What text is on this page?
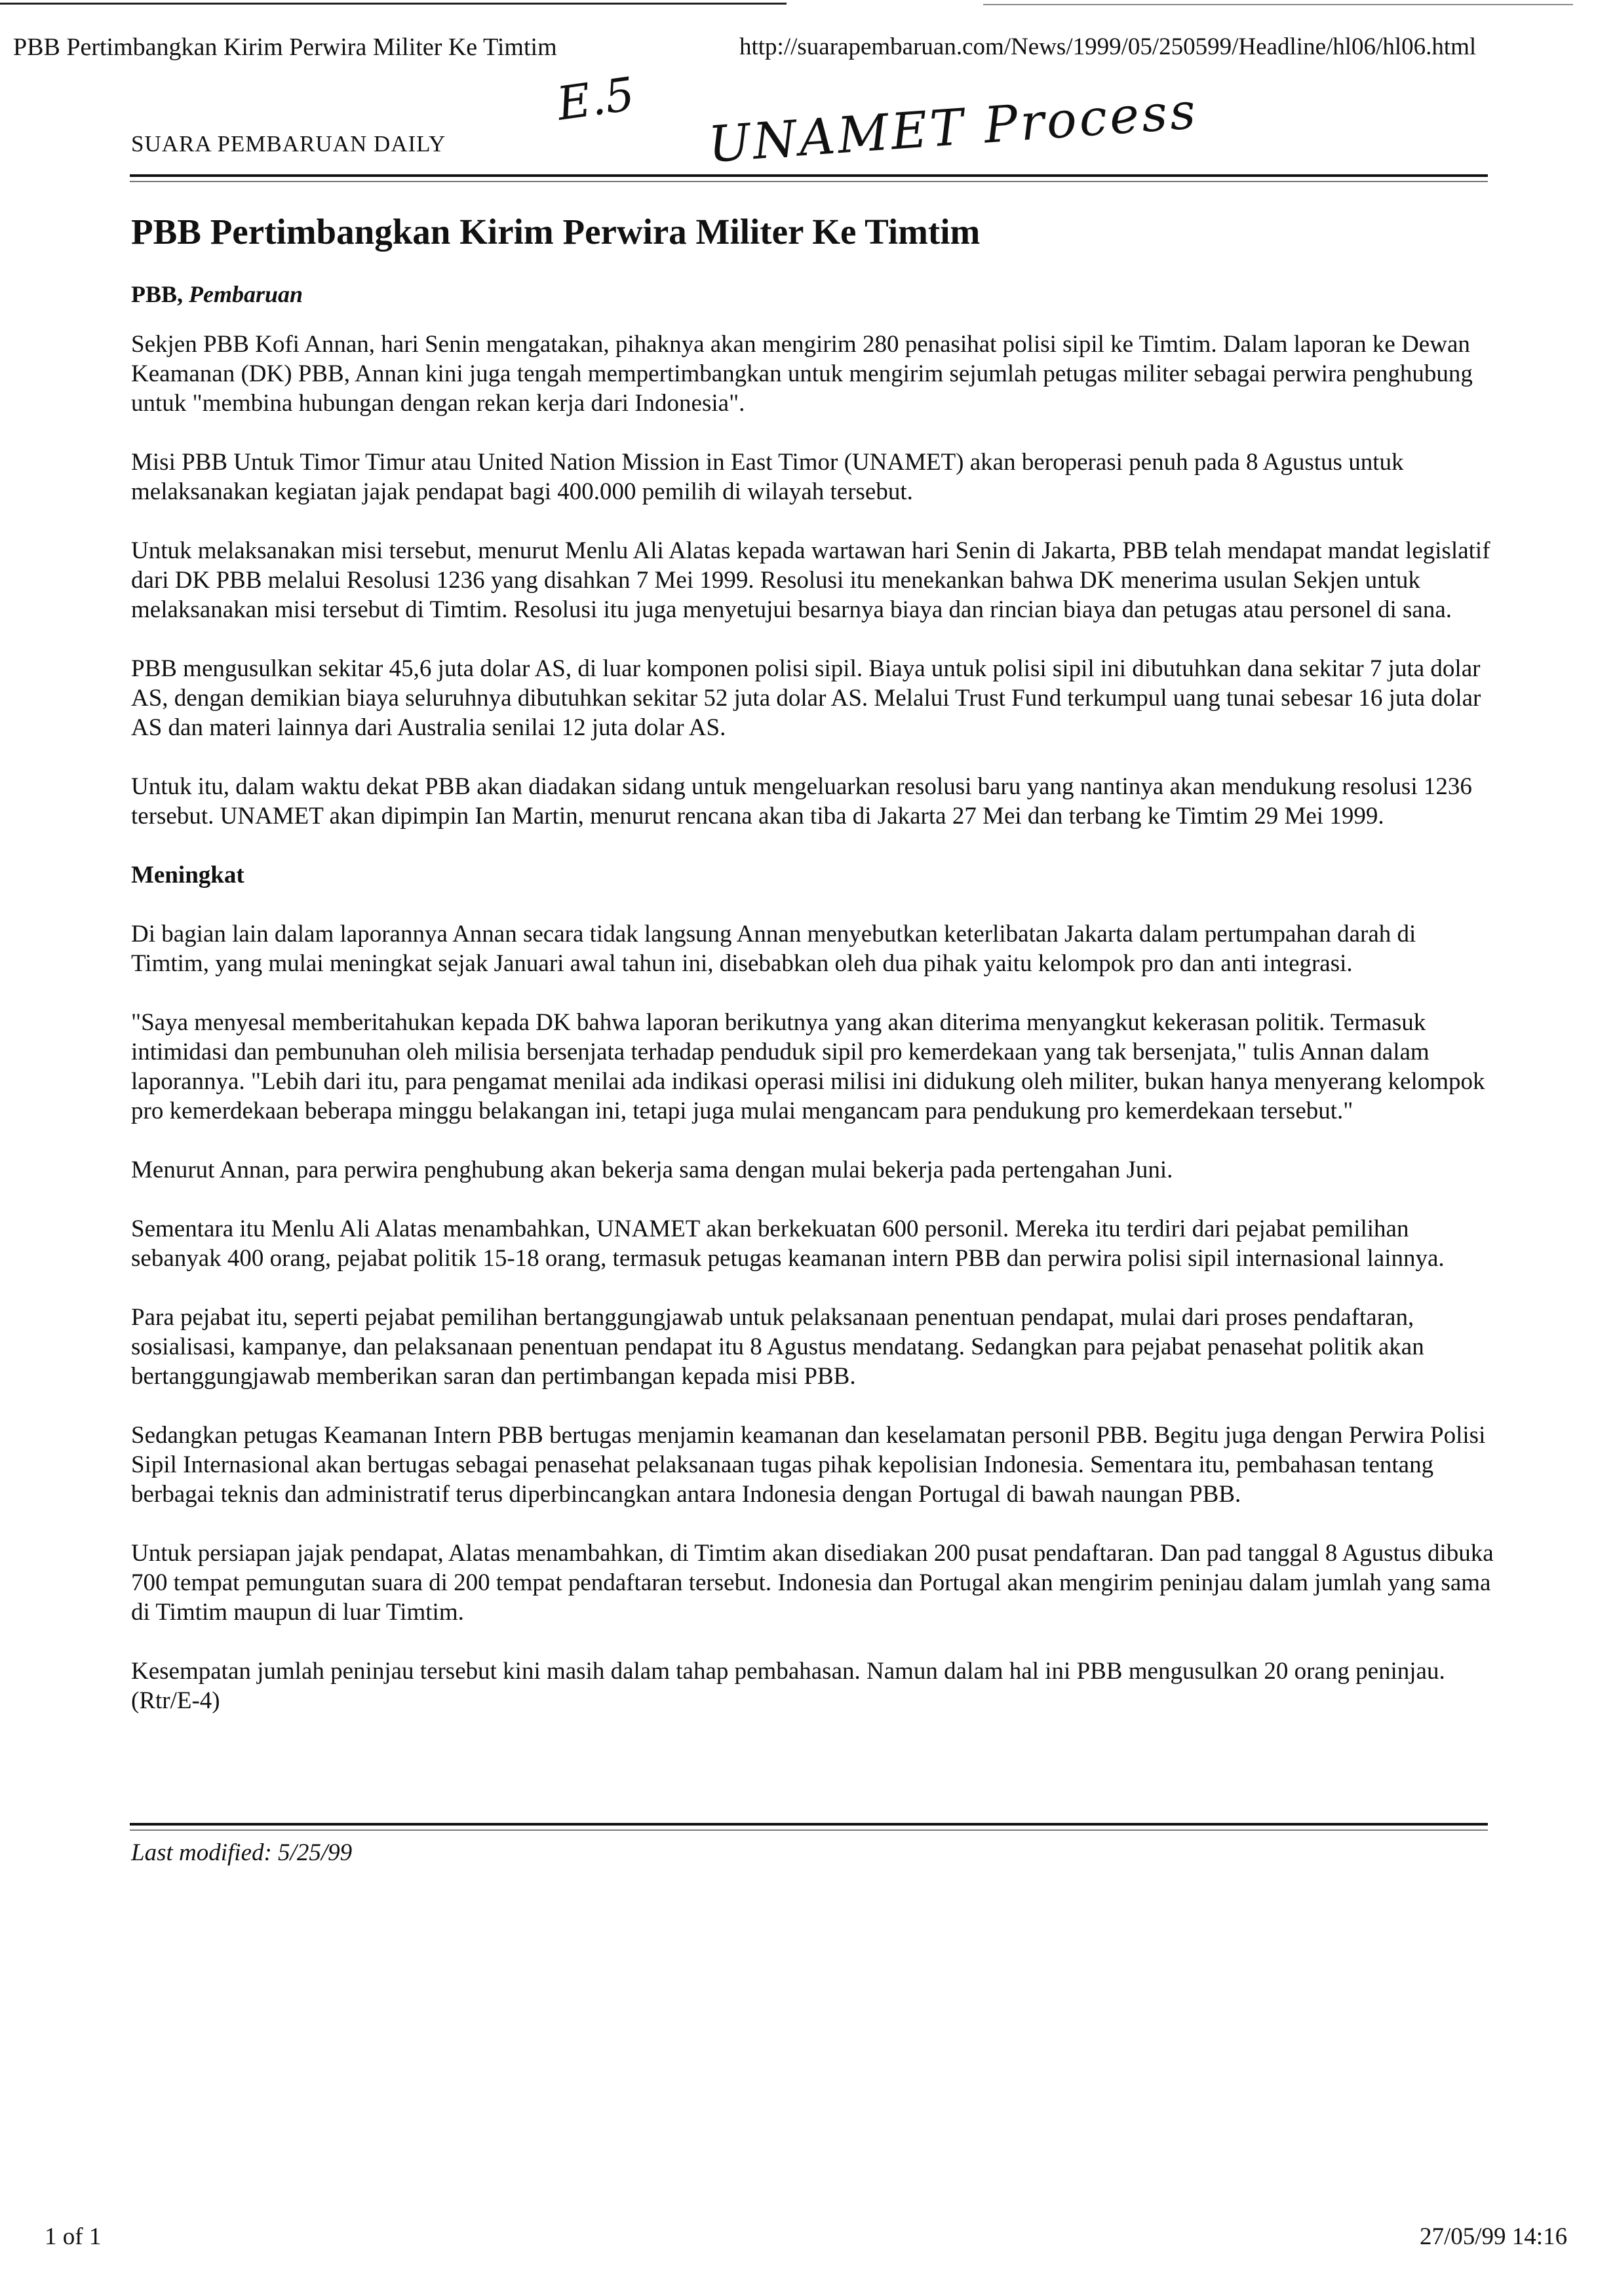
PBB Pertimbangkan Kirim Perwira Militer Ke Timtim	http://suarapembaruan.com/News/1999/05/250599/Headline/hl06/hl06.html
SUARA PEMBARUAN DAILY
E.5 UNAMET Process
PBB Pertimbangkan Kirim Perwira Militer Ke Timtim
PBB, Pembaruan

Sekjen PBB Kofi Annan, hari Senin mengatakan, pihaknya akan mengirim 280 penasihat polisi sipil ke Timtim. Dalam laporan ke Dewan Keamanan (DK) PBB, Annan kini juga tengah mempertimbangkan untuk mengirim sejumlah petugas militer sebagai perwira penghubung untuk "membina hubungan dengan rekan kerja dari Indonesia".

Misi PBB Untuk Timor Timur atau United Nation Mission in East Timor (UNAMET) akan beroperasi penuh pada 8 Agustus untuk melaksanakan kegiatan jajak pendapat bagi 400.000 pemilih di wilayah tersebut.

Untuk melaksanakan misi tersebut, menurut Menlu Ali Alatas kepada wartawan hari Senin di Jakarta, PBB telah mendapat mandat legislatif dari DK PBB melalui Resolusi 1236 yang disahkan 7 Mei 1999. Resolusi itu menekankan bahwa DK menerima usulan Sekjen untuk melaksanakan misi tersebut di Timtim. Resolusi itu juga menyetujui besarnya biaya dan rincian biaya dan petugas atau personel di sana.

PBB mengusulkan sekitar 45,6 juta dolar AS, di luar komponen polisi sipil. Biaya untuk polisi sipil ini dibutuhkan dana sekitar 7 juta dolar AS, dengan demikian biaya seluruhnya dibutuhkan sekitar 52 juta dolar AS. Melalui Trust Fund terkumpul uang tunai sebesar 16 juta dolar AS dan materi lainnya dari Australia senilai 12 juta dolar AS.

Untuk itu, dalam waktu dekat PBB akan diadakan sidang untuk mengeluarkan resolusi baru yang nantinya akan mendukung resolusi 1236 tersebut. UNAMET akan dipimpin Ian Martin, menurut rencana akan tiba di Jakarta 27 Mei dan terbang ke Timtim 29 Mei 1999.

Meningkat

Di bagian lain dalam laporannya Annan secara tidak langsung Annan menyebutkan keterlibatan Jakarta dalam pertumpahan darah di Timtim, yang mulai meningkat sejak Januari awal tahun ini, disebabkan oleh dua pihak yaitu kelompok pro dan anti integrasi.

"Saya menyesal memberitahukan kepada DK bahwa laporan berikutnya yang akan diterima menyangkut kekerasan politik. Termasuk intimidasi dan pembunuhan oleh milisia bersenjata terhadap penduduk sipil pro kemerdekaan yang tak bersenjata," tulis Annan dalam laporannya. "Lebih dari itu, para pengamat menilai ada indikasi operasi milisi ini didukung oleh militer, bukan hanya menyerang kelompok pro kemerdekaan beberapa minggu belakangan ini, tetapi juga mulai mengancam para pendukung pro kemerdekaan tersebut."

Menurut Annan, para perwira penghubung akan bekerja sama dengan mulai bekerja pada pertengahan Juni.

Sementara itu Menlu Ali Alatas menambahkan, UNAMET akan berkekuatan 600 personil. Mereka itu terdiri dari pejabat pemilihan sebanyak 400 orang, pejabat politik 15-18 orang, termasuk petugas keamanan intern PBB dan perwira polisi sipil internasional lainnya.

Para pejabat itu, seperti pejabat pemilihan bertanggungjawab untuk pelaksanaan penentuan pendapat, mulai dari proses pendaftaran, sosialisasi, kampanye, dan pelaksanaan penentuan pendapat itu 8 Agustus mendatang. Sedangkan para pejabat penasehat politik akan bertanggungjawab memberikan saran dan pertimbangan kepada misi PBB.

Sedangkan petugas Keamanan Intern PBB bertugas menjamin keamanan dan keselamatan personil PBB. Begitu juga dengan Perwira Polisi Sipil Internasional akan bertugas sebagai penasehat pelaksanaan tugas pihak kepolisian Indonesia. Sementara itu, pembahasan tentang berbagai teknis dan administratif terus diperbincangkan antara Indonesia dengan Portugal di bawah naungan PBB.

Untuk persiapan jajak pendapat, Alatas menambahkan, di Timtim akan disediakan 200 pusat pendaftaran. Dan pad tanggal 8 Agustus dibuka 700 tempat pemungutan suara di 200 tempat pendaftaran tersebut. Indonesia dan Portugal akan mengirim peninjau dalam jumlah yang sama di Timtim maupun di luar Timtim.

Kesempatan jumlah peninjau tersebut kini masih dalam tahap pembahasan. Namun dalam hal ini PBB mengusulkan 20 orang peninjau. (Rtr/E-4)

Last modified: 5/25/99
1 of 1	27/05/99 14:16
